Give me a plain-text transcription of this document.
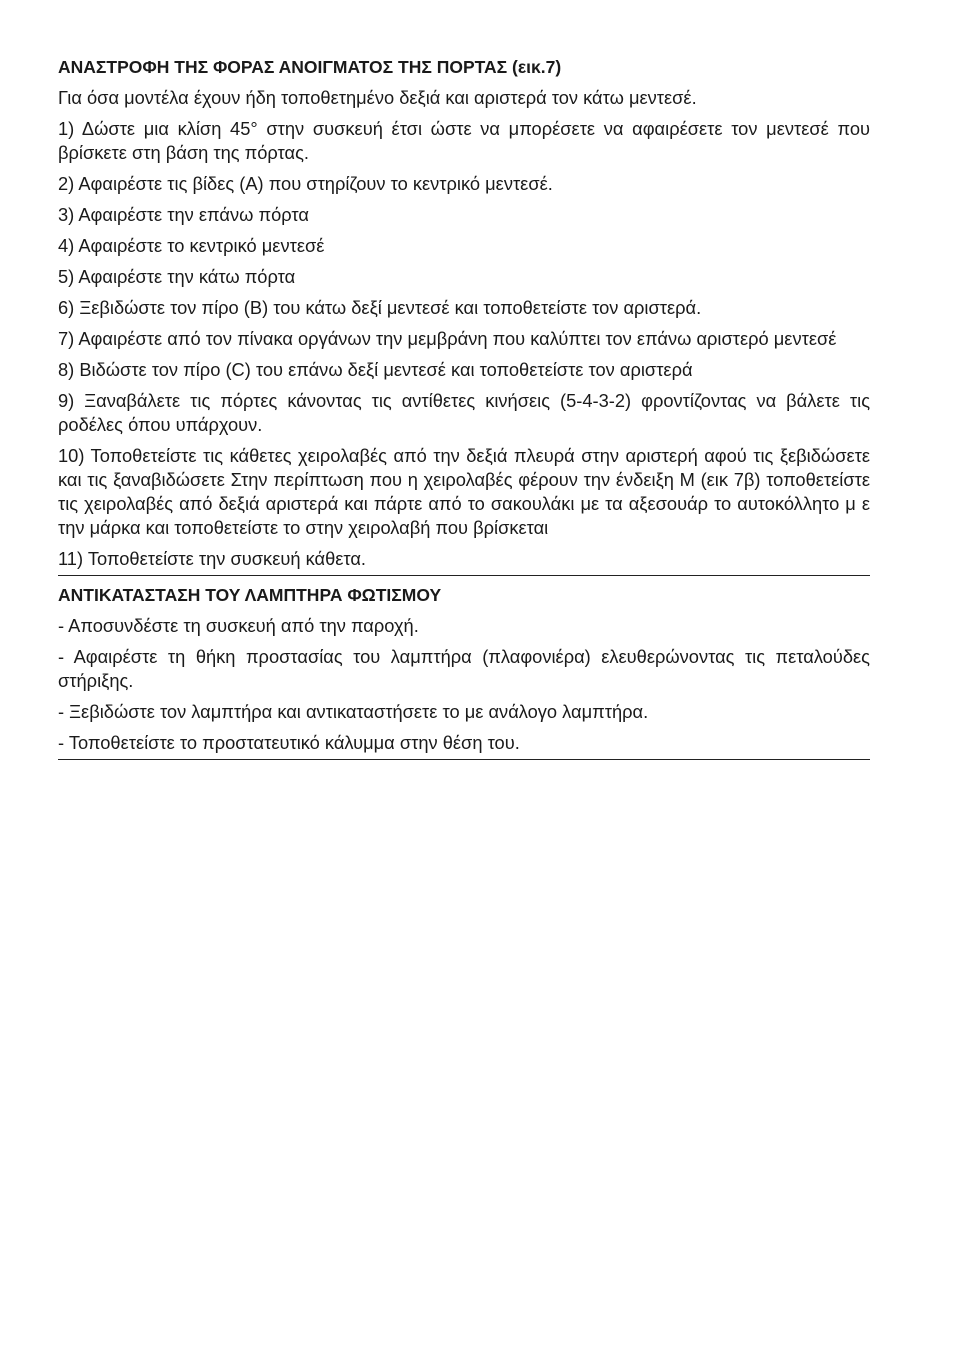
ΑΝΑΣΤΡΟΦΗ ΤΗΣ ΦΟΡΑΣ ΑΝΟΙΓΜΑΤΟΣ ΤΗΣ ΠΟΡΤΑΣ (εικ.7)

Για όσα μοντέλα έχουν ήδη τοποθετημένο δεξιά και αριστερά τον κάτω μεντεσέ.

1) Δώστε μια κλίση 45° στην συσκευή έτσι ώστε να μπορέσετε να αφαιρέσετε τον μεντεσέ που βρίσκετε στη βάση της πόρτας.

2) Αφαιρέστε τις βίδες (A) που στηρίζουν το κεντρικό μεντεσέ.

3) Αφαιρέστε την επάνω πόρτα

4) Αφαιρέστε το κεντρικό μεντεσέ

5) Αφαιρέστε την κάτω πόρτα

6) Ξεβιδώστε τον πίρο (B) του κάτω δεξί μεντεσέ και τοποθετείστε τον αριστερά.

7) Αφαιρέστε από τον πίνακα οργάνων την μεμβράνη που καλύπτει τον επάνω αριστερό μεντεσέ

8) Βιδώστε τον πίρο (C) του επάνω δεξί μεντεσέ και τοποθετείστε τον αριστερά

9) Ξαναβάλετε τις πόρτες κάνοντας τις αντίθετες κινήσεις (5-4-3-2) φροντίζοντας να βάλετε τις ροδέλες όπου υπάρχουν.

10) Τοποθετείστε τις κάθετες χειρολαβές από την δεξιά πλευρά στην αριστερή αφού τις ξεβιδώσετε και τις ξαναβιδώσετε Στην περίπτωση που η χειρολαβές φέρουν την ένδειξη M (εικ 7β) τοποθετείστε τις χειρολαβές από δεξιά αριστερά και πάρτε από το σακουλάκι με τα αξεσουάρ το αυτοκόλλητο μ ε την μάρκα και τοποθετείστε το στην χειρολαβή που βρίσκεται

11) Τοποθετείστε την συσκευή κάθετα.

ΑΝΤΙΚΑΤΑΣΤΑΣΗ ΤΟΥ ΛΑΜΠΤΗΡΑ ΦΩΤΙΣΜΟΥ

- Αποσυνδέστε τη συσκευή από την παροχή.

- Αφαιρέστε τη θήκη προστασίας του λαμπτήρα (πλαφονιέρα) ελευθερώνοντας τις πεταλούδες στήριξης.

- Ξεβιδώστε τον λαμπτήρα και αντικαταστήσετε το με ανάλογο λαμπτήρα.

- Τοποθετείστε το προστατευτικό κάλυμμα στην θέση του.
